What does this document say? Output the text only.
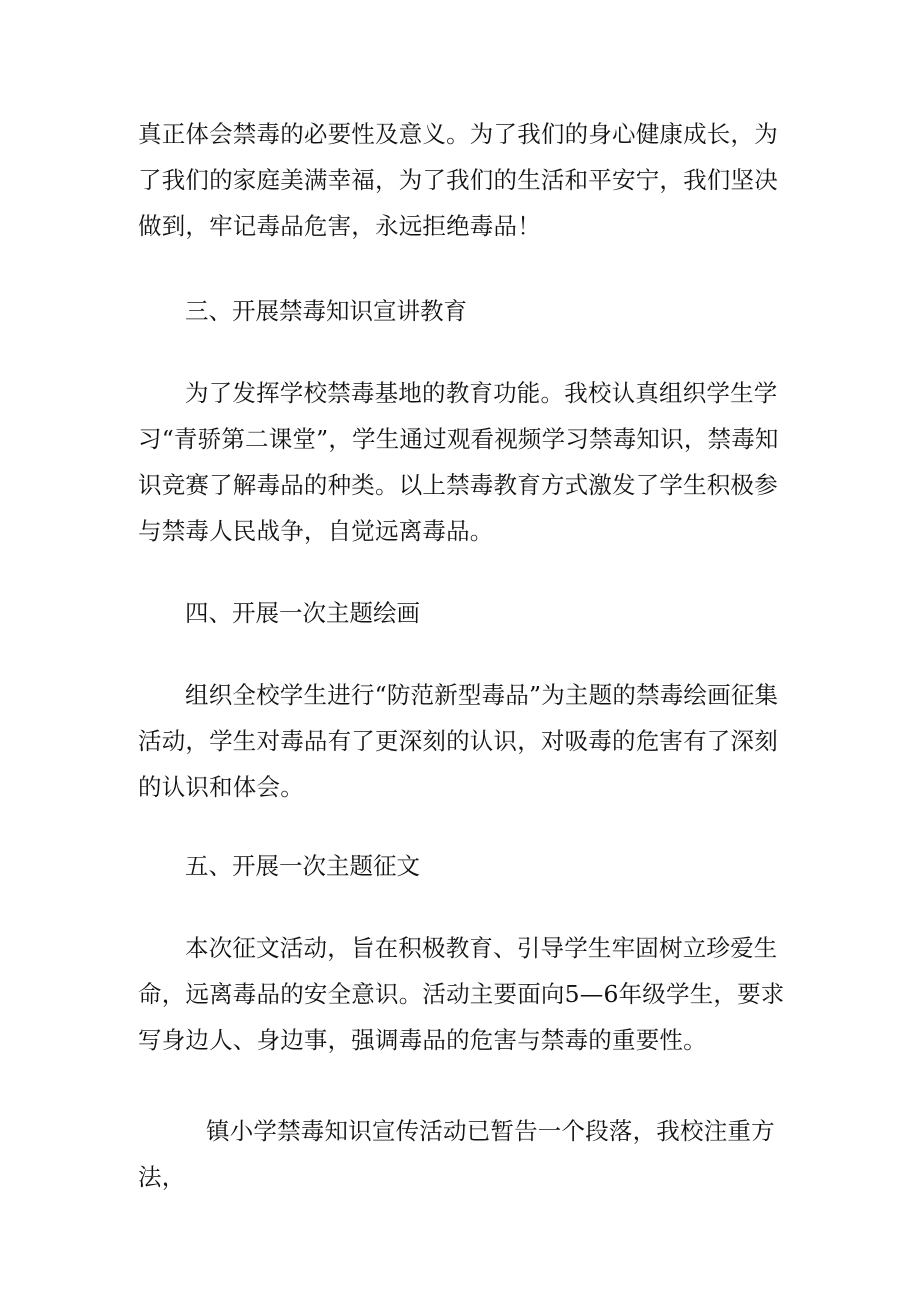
真正体会禁毒的必要性及意义。为了我们的身心健康成长，为了我们的家庭美满幸福，为了我们的生活和平安宁，我们坚决做到，牢记毒品危害，永远拒绝毒品！

三、开展禁毒知识宣讲教育

为了发挥学校禁毒基地的教育功能。我校认真组织学生学习“青骄第二课堂”，学生通过观看视频学习禁毒知识，禁毒知识竞赛了解毒品的种类。以上禁毒教育方式激发了学生积极参与禁毒人民战争，自觉远离毒品。

四、开展一次主题绘画

组织全校学生进行“防范新型毒品”为主题的禁毒绘画征集活动，学生对毒品有了更深刻的认识，对吸毒的危害有了深刻的认识和体会。

五、开展一次主题征文

本次征文活动，旨在积极教育、引导学生牢固树立珍爱生命，远离毒品的安全意识。活动主要面向5—6年级学生，要求写身边人、身边事，强调毒品的危害与禁毒的重要性。

镇小学禁毒知识宣传活动已暂告一个段落，我校注重方法，
